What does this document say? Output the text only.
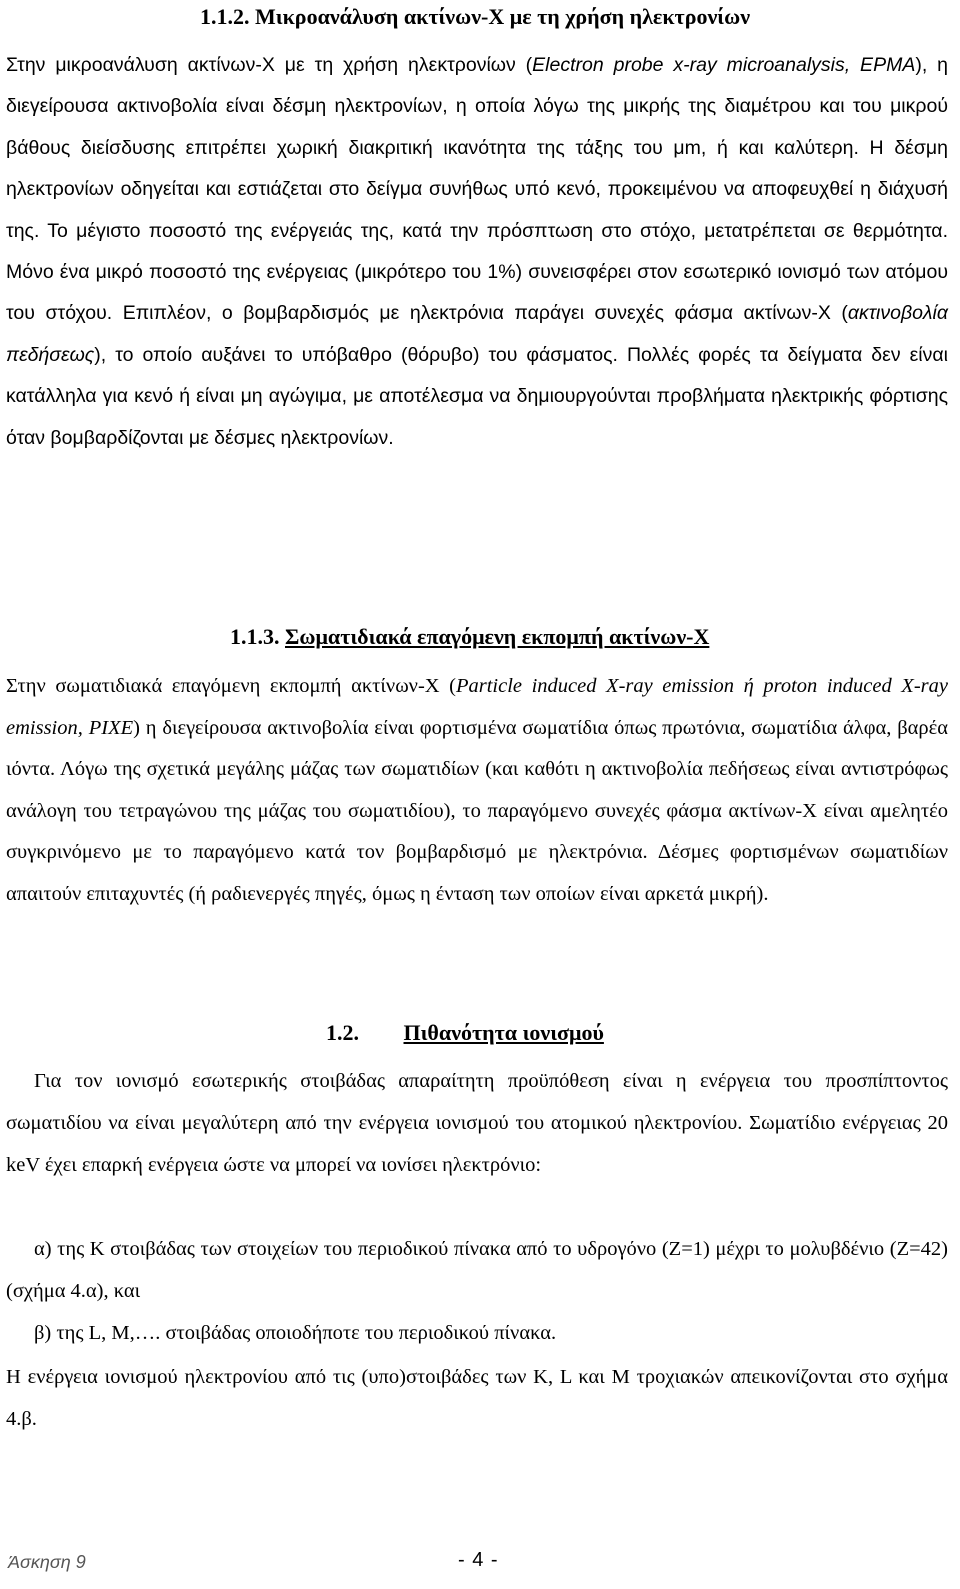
1.1.2. Μικροανάλυση ακτίνων-Χ με τη χρήση ηλεκτρονίων

Στην μικροανάλυση ακτίνων-Χ με τη χρήση ηλεκτρονίων (Electron probe x-ray microanalysis, EPMA), η διεγείρουσα ακτινοβολία είναι δέσμη ηλεκτρονίων, η οποία λόγω της μικρής της διαμέτρου και του μικρού βάθους διείσδυσης επιτρέπει χωρική διακριτική ικανότητα της τάξης του μm, ή και καλύτερη. Η δέσμη ηλεκτρονίων οδηγείται και εστιάζεται στο δείγμα συνήθως υπό κενό, προκειμένου να αποφευχθεί η διάχυσή της. Το μέγιστο ποσοστό της ενέργειάς της, κατά την πρόσπτωση στο στόχο, μετατρέπεται σε θερμότητα. Μόνο ένα μικρό ποσοστό της ενέργειας (μικρότερο του 1%) συνεισφέρει στον εσωτερικό ιονισμό των ατόμου του στόχου. Επιπλέον, ο βομβαρδισμός με ηλεκτρόνια παράγει συνεχές φάσμα ακτίνων-Χ (ακτινοβολία πεδήσεως), το οποίο αυξάνει το υπόβαθρο (θόρυβο) του φάσματος. Πολλές φορές τα δείγματα δεν είναι κατάλληλα για κενό ή είναι μη αγώγιμα, με αποτέλεσμα να δημιουργούνται προβλήματα ηλεκτρικής φόρτισης όταν βομβαρδίζονται με δέσμες ηλεκτρονίων.

1.1.3. Σωματιδιακά επαγόμενη εκπομπή ακτίνων-Χ

Στην σωματιδιακά επαγόμενη εκπομπή ακτίνων-Χ (Particle induced X-ray emission ή proton induced X-ray emission, PIXE) η διεγείρουσα ακτινοβολία είναι φορτισμένα σωματίδια όπως πρωτόνια, σωματίδια άλφα, βαρέα ιόντα. Λόγω της σχετικά μεγάλης μάζας των σωματιδίων (και καθότι η ακτινοβολία πεδήσεως είναι αντιστρόφως ανάλογη του τετραγώνου της μάζας του σωματιδίου), το παραγόμενο συνεχές φάσμα ακτίνων-Χ είναι αμελητέο συγκρινόμενο με το παραγόμενο κατά τον βομβαρδισμό με ηλεκτρόνια. Δέσμες φορτισμένων σωματιδίων απαιτούν επιταχυντές (ή ραδιενεργές πηγές, όμως η ένταση των οποίων είναι αρκετά μικρή).

1.2. Πιθανότητα ιονισμού

Για τον ιονισμό εσωτερικής στοιβάδας απαραίτητη προϋπόθεση είναι η ενέργεια του προσπίπτοντος σωματιδίου να είναι μεγαλύτερη από την ενέργεια ιονισμού του ατομικού ηλεκτρονίου. Σωματίδιο ενέργειας 20 keV έχει επαρκή ενέργεια ώστε να μπορεί να ιονίσει ηλεκτρόνιο:

α) της K στοιβάδας των στοιχείων του περιοδικού πίνακα από το υδρογόνο (Z=1) μέχρι το μολυβδένιο (Z=42) (σχήμα 4.α), και

β) της L, M,…. στοιβάδας οποιοδήποτε του περιοδικού πίνακα.

Η ενέργεια ιονισμού ηλεκτρονίου από τις (υπο)στοιβάδες των K, L και M τροχιακών απεικονίζονται στο σχήμα 4.β.

Άσκηση 9	- 4 -
